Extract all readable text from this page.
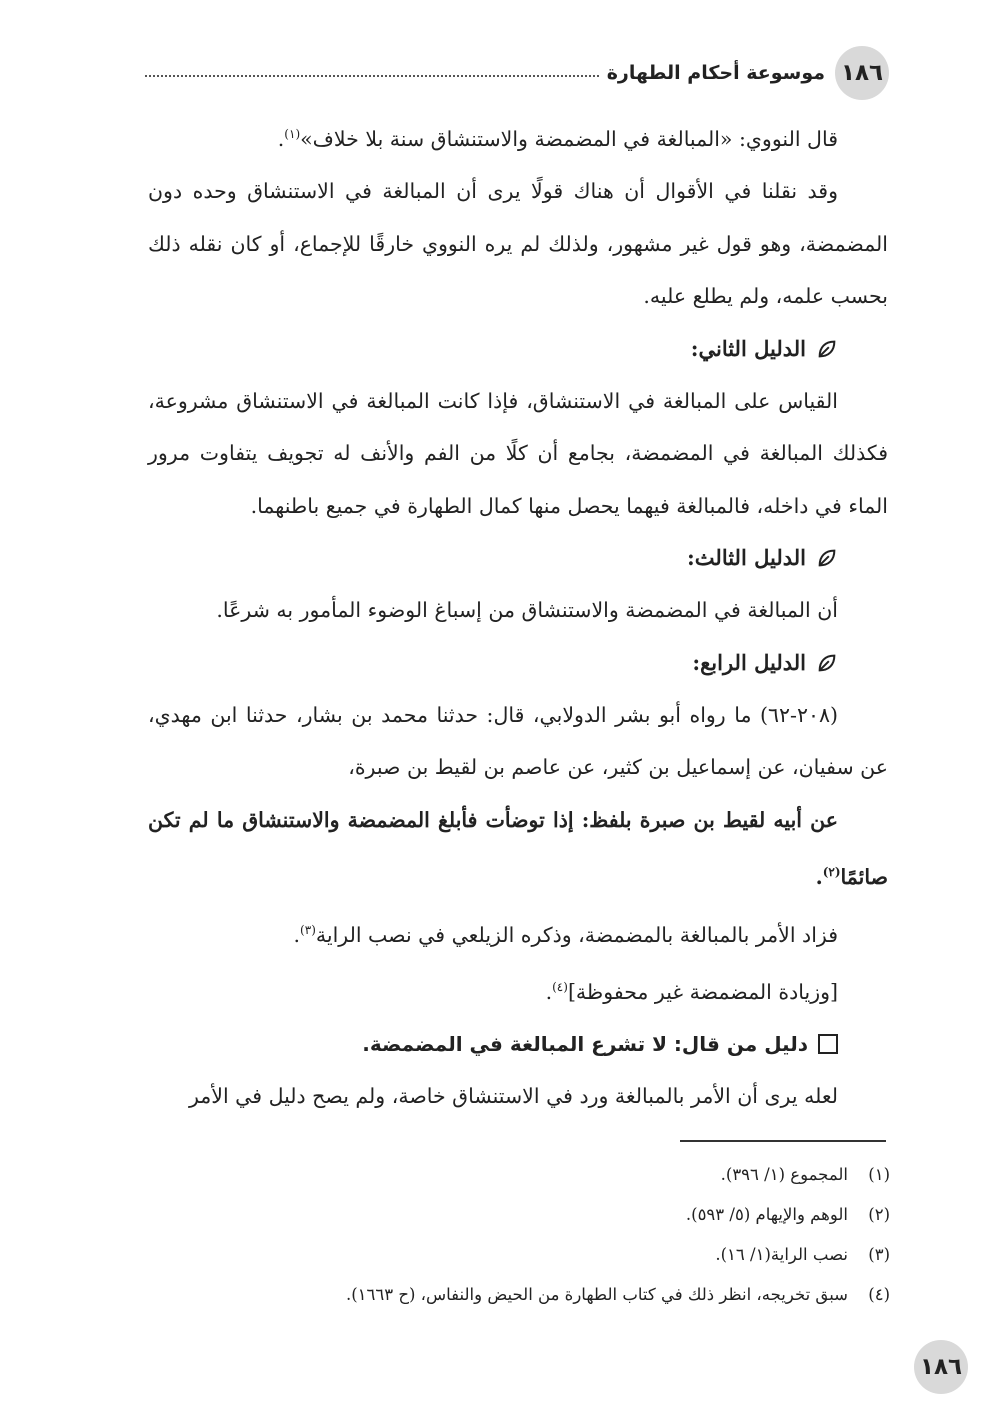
١٨٦
موسوعة أحكام الطهارة

قال النووي: «المبالغة في المضمضة والاستنشاق سنة بلا خلاف»$^{(١)}$.

وقد نقلنا في الأقوال أن هناك قولًا يرى أن المبالغة في الاستنشاق وحده دون المضمضة، وهو قول غير مشهور، ولذلك لم يره النووي خارقًا للإجماع، أو كان نقله ذلك بحسب علمه، ولم يطلع عليه.

الدليل الثاني:

القياس على المبالغة في الاستنشاق، فإذا كانت المبالغة في الاستنشاق مشروعة، فكذلك المبالغة في المضمضة، بجامع أن كلًا من الفم والأنف له تجويف يتفاوت مرور الماء في داخله، فالمبالغة فيهما يحصل منها كمال الطهارة في جميع باطنهما.

الدليل الثالث:

أن المبالغة في المضمضة والاستنشاق من إسباغ الوضوء المأمور به شرعًا.

الدليل الرابع:

(٢٠٨-٦٢) ما رواه أبو بشر الدولابي، قال: حدثنا محمد بن بشار، حدثنا ابن مهدي، عن سفيان، عن إسماعيل بن كثير، عن عاصم بن لقيط بن صبرة،

عن أبيه لقيط بن صبرة بلفظ: إذا توضأت فأبلغ المضمضة والاستنشاق ما لم تكن صائمًا$^{(٢)}$.

فزاد الأمر بالمبالغة بالمضمضة، وذكره الزيلعي في نصب الراية$^{(٣)}$.

[وزيادة المضمضة غير محفوظة]$^{(٤)}$.

دليل من قال: لا تشرع المبالغة في المضمضة.

لعله يرى أن الأمر بالمبالغة ورد في الاستنشاق خاصة، ولم يصح دليل في الأمر

(١)
المجموع (١/ ٣٩٦).
(٢)
الوهم والإيهام (٥/ ٥٩٣).
(٣)
نصب الراية(١/ ١٦).
(٤)
سبق تخريجه، انظر ذلك في كتاب الطهارة من الحيض والنفاس، (ح ١٦٦٣).
١٨٦
